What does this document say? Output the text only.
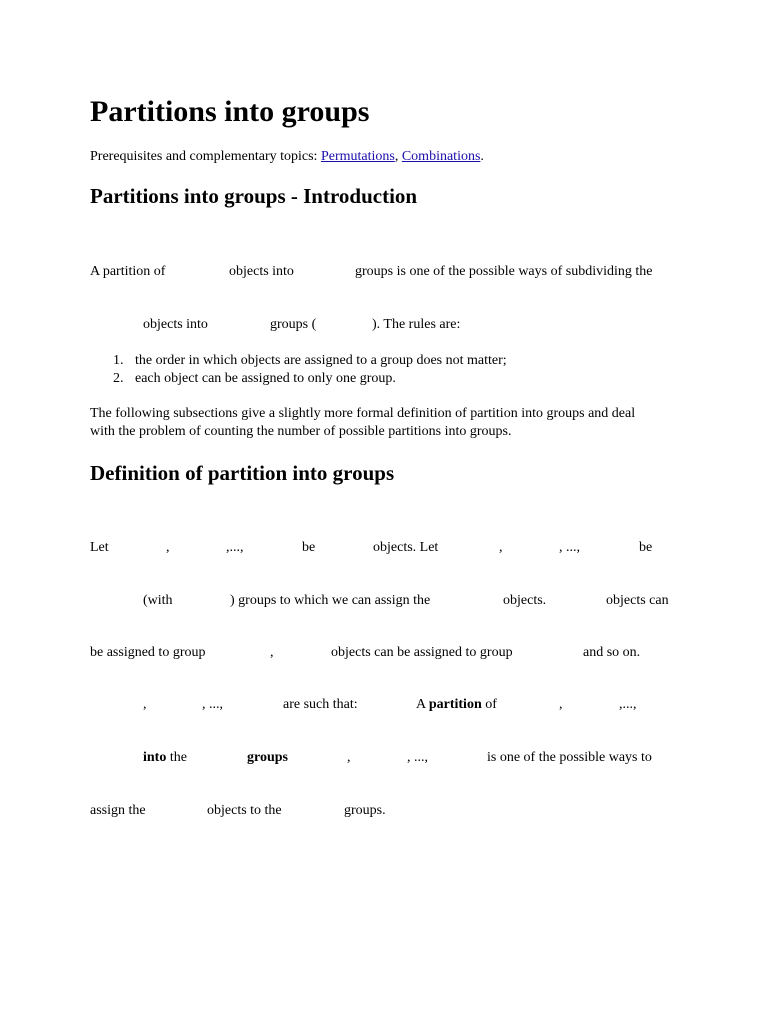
Partitions into groups
Prerequisites and complementary topics: Permutations, Combinations.
Partitions into groups - Introduction
A partition of	objects into	groups is one of the possible ways of subdividing the
objects into	groups (	). The rules are:
1. the order in which objects are assigned to a group does not matter;
2. each object can be assigned to only one group.
The following subsections give a slightly more formal definition of partition into groups and deal
with the problem of counting the number of possible partitions into groups.
Definition of partition into groups
Let	,	,...,	be	objects. Let	,	, ...,	be
(with	) groups to which we can assign the	objects.	objects can
be assigned to group	,	objects can be assigned to group	and so on.
,	, ...,	are such that:	A partition of	,	,...,
into the	groups	,	, ...,	is one of the possible ways to
assign the	objects to the	groups.
